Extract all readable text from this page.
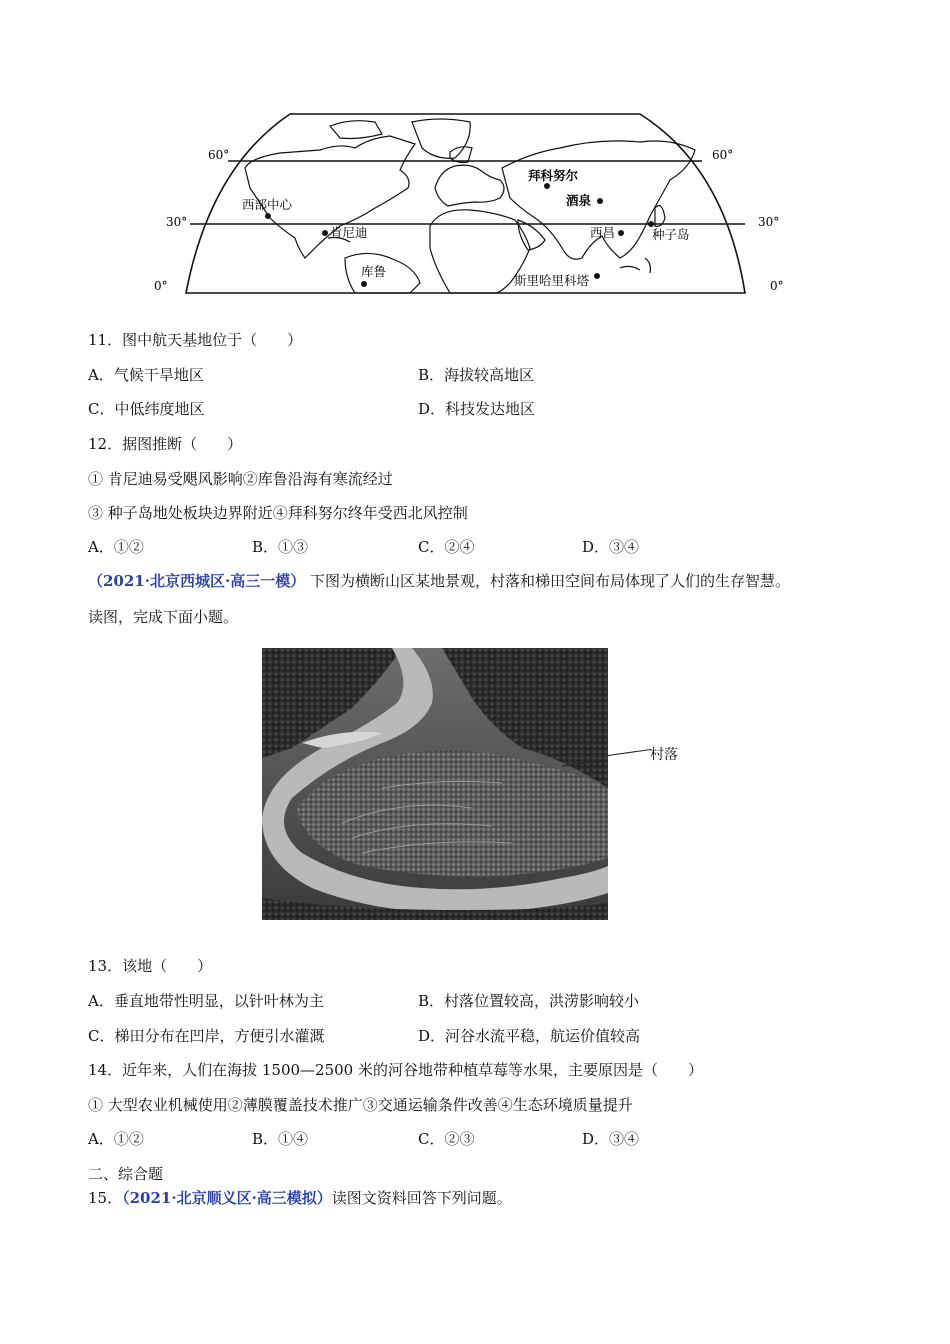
60°	60°
30°	30°
0°	0°
拜科努尔
酒泉
西昌	种子岛
西部中心
肯尼迪
库鲁
斯里哈里科塔
11．图中航天基地位于（　　）
A．气候干旱地区	B．海拔较高地区
C．中低纬度地区	D．科技发达地区
12．据图推断（　　）
① 肯尼迪易受飓风影响②库鲁沿海有寒流经过
③ 种子岛地处板块边界附近④拜科努尔终年受西北风控制
A．①②	B．①③	C．②④	D．③④
（2021·北京西城区·高三一模） 下图为横断山区某地景观，村落和梯田空间布局体现了人们的生存智慧。
读图，完成下面小题。
村落
13．该地（　　）
A．垂直地带性明显，以针叶林为主	B．村落位置较高，洪涝影响较小
C．梯田分布在凹岸，方便引水灌溉	D．河谷水流平稳，航运价值较高
14．近年来，人们在海拔 1500—2500 米的河谷地带种植草莓等水果，主要原因是（　　）
① 大型农业机械使用②薄膜覆盖技术推广③交通运输条件改善④生态环境质量提升
A．①②	B．①④	C．②③	D．③④
二、综合题
15．（2021·北京顺义区·高三模拟）读图文资料回答下列问题。
